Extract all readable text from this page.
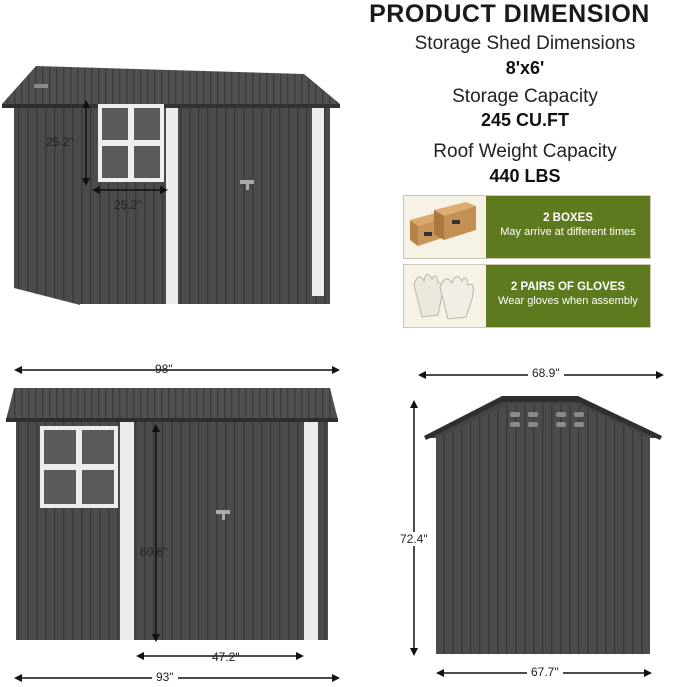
PRODUCT DIMENSION
Storage Shed Dimensions
8'x6'
Storage Capacity
245 CU.FT
Roof Weight Capacity
440 LBS
2 BOXES
May arrive at different times
2 PAIRS OF GLOVES
Wear gloves when assembly
25.2"
25.2"
98"
60.6"
47.2"
93"
68.9"
72.4"
67.7"
